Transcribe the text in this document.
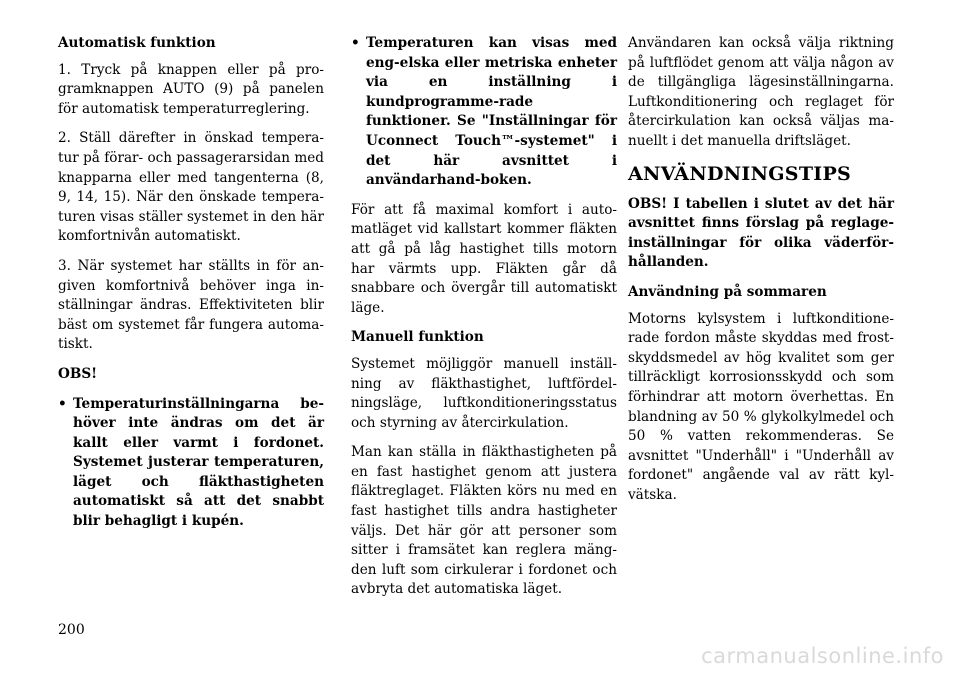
Automatisk funktion

1. Tryck på knappen eller på pro-gramknappen AUTO (9) på panelen för automatisk temperaturreglering.

2. Ställ därefter in önskad tempera-tur på förar- och passagerarsidan med knapparna eller med tangenterna (8, 9, 14, 15). När den önskade tempera-turen visas ställer systemet in den här komfortnivån automatiskt.

3. När systemet har ställts in för an-given komfortnivå behöver inga in-ställningar ändras. Effektiviteten blir bäst om systemet får fungera automa-tiskt.

OBS!

• Temperaturinställningarna be-höver inte ändras om det är kallt eller varmt i fordonet. Systemet justerar temperaturen, läget och fläkthastigheten automatiskt så att det snabbt blir behagligt i kupén.
• Temperaturen kan visas med eng-elska eller metriska enheter via en inställning i kundprogramme-rade funktioner. Se "Inställningar för Uconnect Touch™-systemet" i det här avsnittet i användarhand-boken.

För att få maximal komfort i auto-matläget vid kallstart kommer fläkten att gå på låg hastighet tills motorn har värmts upp. Fläkten går då snabbare och övergår till automatiskt läge.

Manuell funktion

Systemet möjliggör manuell inställ-ning av fläkthastighet, luftfördel-ningsläge, luftkonditioneringsstatus och styrning av återcirkulation.

Man kan ställa in fläkthastigheten på en fast hastighet genom att justera fläktreglaget. Fläkten körs nu med en fast hastighet tills andra hastigheter väljs. Det här gör att personer som sitter i framsätet kan reglera mäng-den luft som cirkulerar i fordonet och avbryta det automatiska läget.

Användaren kan också välja riktning på luftflödet genom att välja någon av de tillgängliga lägesinställningarna. Luftkonditionering och reglaget för återcirkulation kan också väljas ma-nuellt i det manuella driftsläget.

ANVÄNDNINGSTIPS

OBS! I tabellen i slutet av det här avsnittet finns förslag på reglage-inställningar för olika väderför-hållanden.

Användning på sommaren

Motorns kylsystem i luftkonditione-rade fordon måste skyddas med frost-skyddsmedel av hög kvalitet som ger tillräckligt korrosionsskydd och som förhindrar att motorn överhettas. En blandning av 50 % glykolkylmedel och 50 % vatten rekommenderas. Se avsnittet "Underhåll" i "Underhåll av fordonet" angående val av rätt kyl-vätska.

200
carmanualsonline.info
